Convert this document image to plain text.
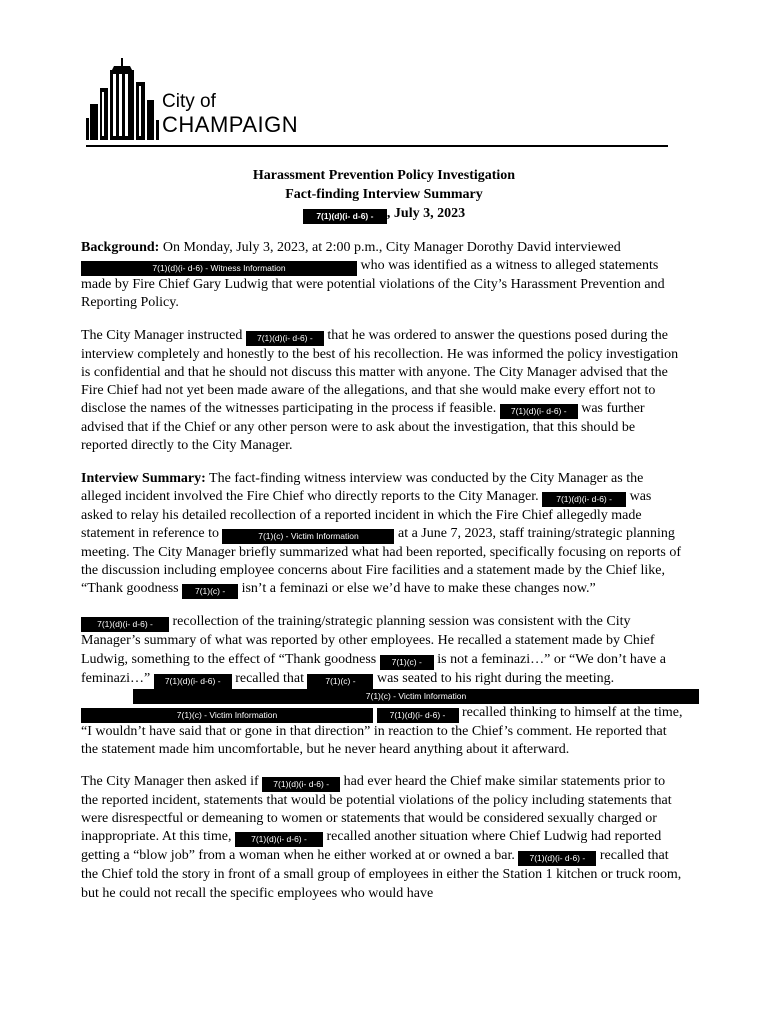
City of
CHAMPAIGN
Harassment Prevention Policy Investigation
Fact-finding Interview Summary
7(1)(d)(i- d-6) - , July 3, 2023

Background: On Monday, July 3, 2023, at 2:00 p.m., City Manager Dorothy David interviewed 7(1)(d)(i- d-6) - Witness Information	who was identified as a witness to alleged statements made by Fire Chief Gary Ludwig that were potential violations of the City’s Harassment Prevention and Reporting Policy.

The City Manager instructed 7(1)(d)(i- d-6) - that he was ordered to answer the questions posed during the interview completely and honestly to the best of his recollection. He was informed the policy investigation is confidential and that he should not discuss this matter with anyone. The City Manager advised that the Fire Chief had not yet been made aware of the allegations, and that she would make every effort not to disclose the names of the witnesses participating in the process if feasible. 7(1)(d)(i- d-6) - was further advised that if the Chief or any other person were to ask about the investigation, that this should be reported directly to the City Manager.

Interview Summary: The fact-finding witness interview was conducted by the City Manager as the alleged incident involved the Fire Chief who directly reports to the City Manager. 7(1)(d)(i- d-6) - was asked to relay his detailed recollection of a reported incident in which the Fire Chief allegedly made statement in reference to	7(1)(c) - Victim Information	at a June 7, 2023, staff training/strategic planning meeting. The City Manager briefly summarized what had been reported, specifically focusing on reports of the discussion including employee concerns about Fire facilities and a statement made by the Chief like, “Thank goodness 7(1)(c) - isn’t a feminazi or else we’d have to make these changes now.”

7(1)(d)(i- d-6) - recollection of the training/strategic planning session was consistent with the City Manager’s summary of what was reported by other employees. He recalled a statement made by Chief Ludwig, something to the effect of “Thank goodness 7(1)(c) - is not a feminazi…” or “We don’t have a feminazi…” 7(1)(d)(i- d-6) - recalled that 7(1)(c) - was seated to his right during the meeting.
7(1)(c) - Victim Information
7(1)(c) - Victim Information	7(1)(d)(i- d-6) - recalled thinking to himself at the time, “I wouldn’t have said that or gone in that direction” in reaction to the Chief’s comment. He reported that the statement made him uncomfortable, but he never heard anything about it afterward.

The City Manager then asked if 7(1)(d)(i- d-6) - had ever heard the Chief make similar statements prior to the reported incident, statements that would be potential violations of the policy including statements that were disrespectful or demeaning to women or statements that would be considered sexually charged or inappropriate. At this time, 7(1)(d)(i- d-6) - recalled another situation where Chief Ludwig had reported getting a “blow job” from a woman when he either worked at or owned a bar. 7(1)(d)(i- d-6) - recalled that the Chief told the story in front of a small group of employees in either the Station 1 kitchen or truck room, but he could not recall the specific employees who would have
